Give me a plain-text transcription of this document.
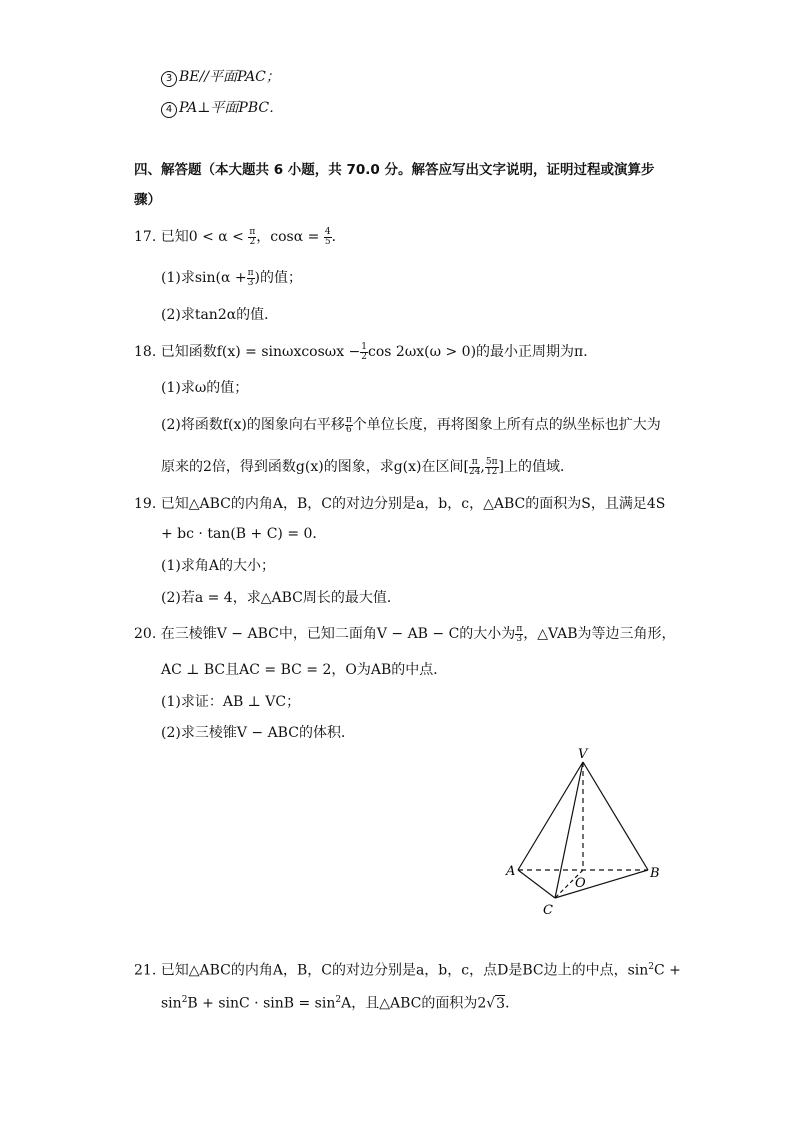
3 BE//平面PAC；
4 PA⊥平面PBC．
四、解答题（本大题共 6 小题，共 70.0 分。解答应写出文字说明，证明过程或演算步
骤）
17. 已知$0 < \alpha < \frac{\pi}{2}$ ，$\cos\alpha = \frac{4}{5}$ ．
(1)求$\sin(\alpha + \frac{\pi}{3}$ )的值；
(2)求tan2α的值．
18. 已知函数$f(x) = \sin\omega xcos\omega x - \frac{1}{2}$ cos 2ωx(ω > 0)的最小正周期为π．
(1)求ω的值；
(2)将函数f(x)的图象向右平移 $\frac{\pi}{6}$ 个单位长度，再将图象上所有点的纵坐标也扩大为
原来的2倍，得到函数g(x)的图象，求g(x)在区间[ $\frac{\pi}{24}$ , $\frac{5\pi}{12}$ ]上的值域．
19. 已知△ABC的内角A，B，C的对边分别是a，b，c，△ABC的面积为S，且满足4S
+ bc · tan(B + C) = 0．
(1)求角A的大小；
(2)若a = 4，求△ABC周长的最大值．
20. 在三棱锥V − ABC中，已知二面角V − AB − C的大小为 $\frac{\pi}{3}$ ，△VAB为等边三角形，
AC ⊥ BC且AC = BC = 2，O为AB的中点．
(1)求证：AB ⊥ VC；
(2)求三棱锥V − ABC的体积．
V
A	B
C
O
21. 已知△ABC的内角A，B，C的对边分别是a，b，c，点D是BC边上的中点，$\sin^2C$ +
$\sin^2B + \sin C \cdot \sin B = \sin^2A$，且△ABC的面积为2√3．
